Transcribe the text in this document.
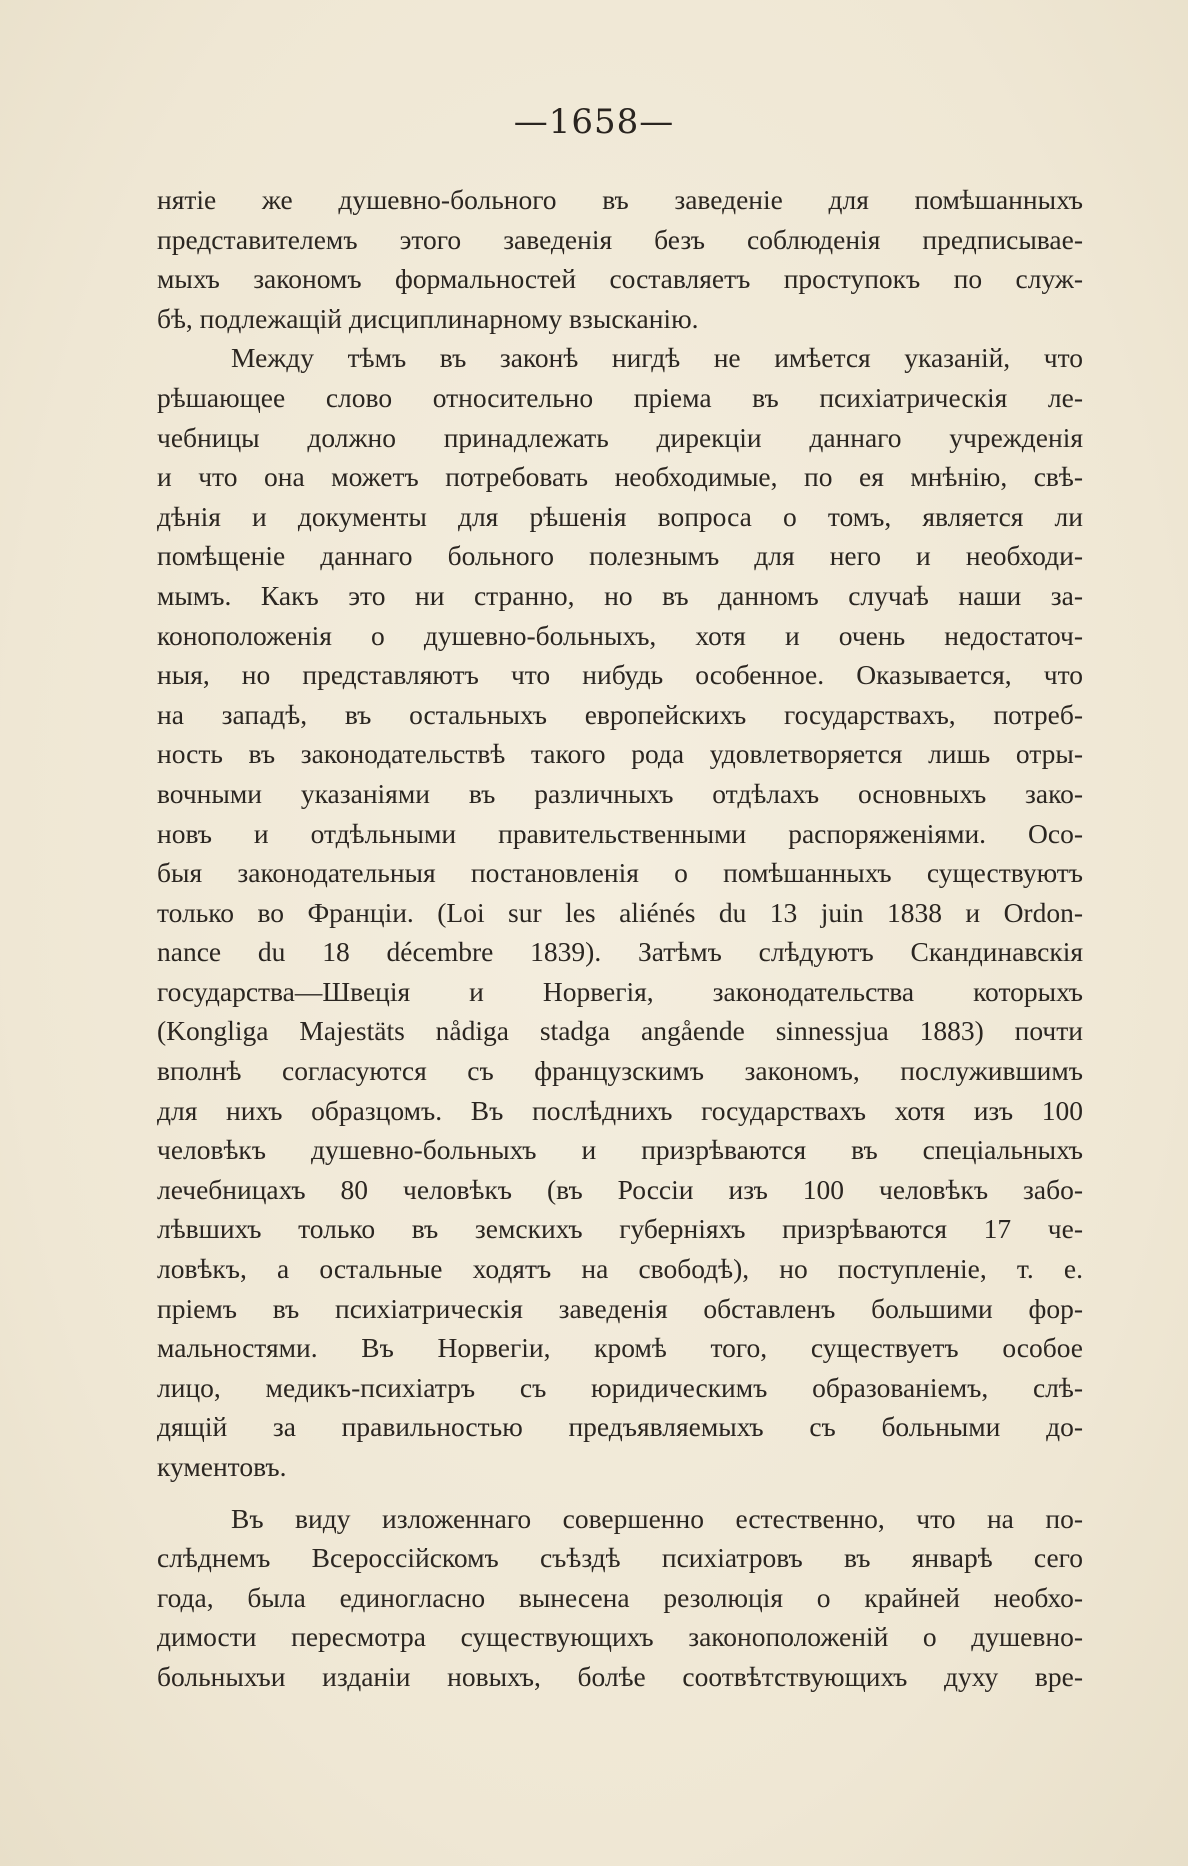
—1658—
нятіе же душевно-больного въ заведеніе для помѣшанныхъ
представителемъ этого заведенія безъ соблюденія предписывае-
мыхъ закономъ формальностей составляетъ проступокъ по служ-
бѣ, подлежащій дисциплинарному взысканію.
Между тѣмъ въ законѣ нигдѣ не имѣется указаній, что
рѣшающее слово относительно пріема въ психіатрическія ле-
чебницы должно принадлежать дирекціи даннаго учрежденія
и что она можетъ потребовать необходимые, по ея мнѣнію, свѣ-
дѣнія и документы для рѣшенія вопроса о томъ, является ли
помѣщеніе даннаго больного полезнымъ для него и необходи-
мымъ. Какъ это ни странно, но въ данномъ случаѣ наши за-
коноположенія о душевно-больныхъ, хотя и очень недостаточ-
ныя, но представляютъ что нибудь особенное. Оказывается, что
на западѣ, въ остальныхъ европейскихъ государствахъ, потреб-
ность въ законодательствѣ такого рода удовлетворяется лишь отры-
вочными указаніями въ различныхъ отдѣлахъ основныхъ зако-
новъ и отдѣльными правительственными распоряженіями. Осо-
быя законодательныя постановленія о помѣшанныхъ существуютъ
только во Франціи. (Loi sur les aliénés du 13 juin 1838 и Ordon-
nance du 18 décembre 1839). Затѣмъ слѣдуютъ Скандинавскія
государства—Швеція и Норвегія, законодательства которыхъ
(Kongliga Majestäts nådiga stadga angående sinnessjua 1883) почти
вполнѣ согласуются съ французскимъ закономъ, послужившимъ
для нихъ образцомъ. Въ послѣднихъ государствахъ хотя изъ 100
человѣкъ душевно-больныхъ и призрѣваются въ спеціальныхъ
лечебницахъ 80 человѣкъ (въ Россіи изъ 100 человѣкъ забо-
лѣвшихъ только въ земскихъ губерніяхъ призрѣваются 17 че-
ловѣкъ, а остальные ходятъ на свободѣ), но поступленіе, т. е.
пріемъ въ психіатрическія заведенія обставленъ большими фор-
мальностями. Въ Норвегіи, кромѣ того, существуетъ особое
лицо, медикъ-психіатръ съ юридическимъ образованіемъ, слѣ-
дящій за правильностью предъявляемыхъ съ больными до-
кументовъ.
Въ виду изложеннаго совершенно естественно, что на по-
слѣднемъ Всероссійскомъ съѣздѣ психіатровъ въ январѣ сего
года, была единогласно вынесена резолюція о крайней необхо-
димости пересмотра существующихъ законоположеній о душевно-
больныхъи изданіи новыхъ, болѣе соотвѣтствующихъ духу вре-
